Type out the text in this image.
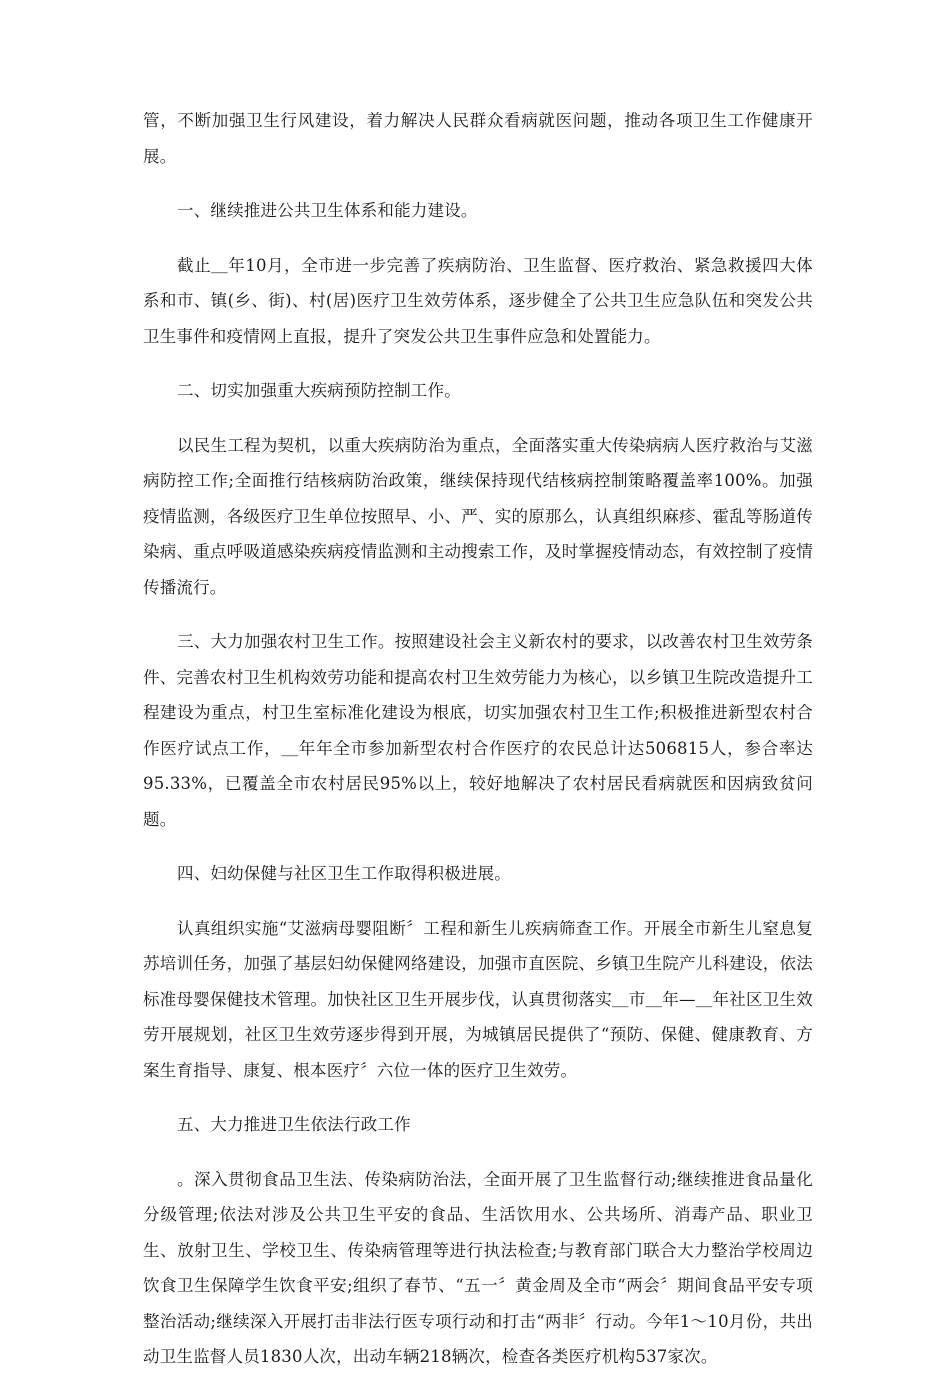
管，不断加强卫生行风建设，着力解决人民群众看病就医问题，推动各项卫生工作健康开展。

一、继续推进公共卫生体系和能力建设。

截止＿年10月，全市进一步完善了疾病防治、卫生监督、医疗救治、紧急救援四大体系和市、镇(乡、街)、村(居)医疗卫生效劳体系，逐步健全了公共卫生应急队伍和突发公共卫生事件和疫情网上直报，提升了突发公共卫生事件应急和处置能力。

二、切实加强重大疾病预防控制工作。

以民生工程为契机，以重大疾病防治为重点，全面落实重大传染病病人医疗救治与艾滋病防控工作;全面推行结核病防治政策，继续保持现代结核病控制策略覆盖率100%。加强疫情监测，各级医疗卫生单位按照早、小、严、实的原那么，认真组织麻疹、霍乱等肠道传染病、重点呼吸道感染疾病疫情监测和主动搜索工作，及时掌握疫情动态，有效控制了疫情传播流行。

三、大力加强农村卫生工作。按照建设社会主义新农村的要求，以改善农村卫生效劳条件、完善农村卫生机构效劳功能和提高农村卫生效劳能力为核心，以乡镇卫生院改造提升工程建设为重点，村卫生室标准化建设为根底，切实加强农村卫生工作;积极推进新型农村合作医疗试点工作，＿年年全市参加新型农村合作医疗的农民总计达506815人，参合率达95.33%，已覆盖全市农村居民95%以上，较好地解决了农村居民看病就医和因病致贫问题。

四、妇幼保健与社区卫生工作取得积极进展。

认真组织实施“艾滋病母婴阻断〞工程和新生儿疾病筛查工作。开展全市新生儿窒息复苏培训任务，加强了基层妇幼保健网络建设，加强市直医院、乡镇卫生院产儿科建设，依法标准母婴保健技术管理。加快社区卫生开展步伐，认真贯彻落实＿市＿年—＿年社区卫生效劳开展规划，社区卫生效劳逐步得到开展，为城镇居民提供了“预防、保健、健康教育、方案生育指导、康复、根本医疗〞六位一体的医疗卫生效劳。

五、大力推进卫生依法行政工作

。深入贯彻食品卫生法、传染病防治法，全面开展了卫生监督行动;继续推进食品量化分级管理;依法对涉及公共卫生平安的食品、生活饮用水、公共场所、消毒产品、职业卫生、放射卫生、学校卫生、传染病管理等进行执法检查;与教育部门联合大力整治学校周边饮食卫生保障学生饮食平安;组织了春节、“五一〞黄金周及全市“两会〞期间食品平安专项整治活动;继续深入开展打击非法行医专项行动和打击“两非〞行动。今年1～10月份，共出动卫生监督人员1830人次，出动车辆218辆次，检查各类医疗机构537家次。
